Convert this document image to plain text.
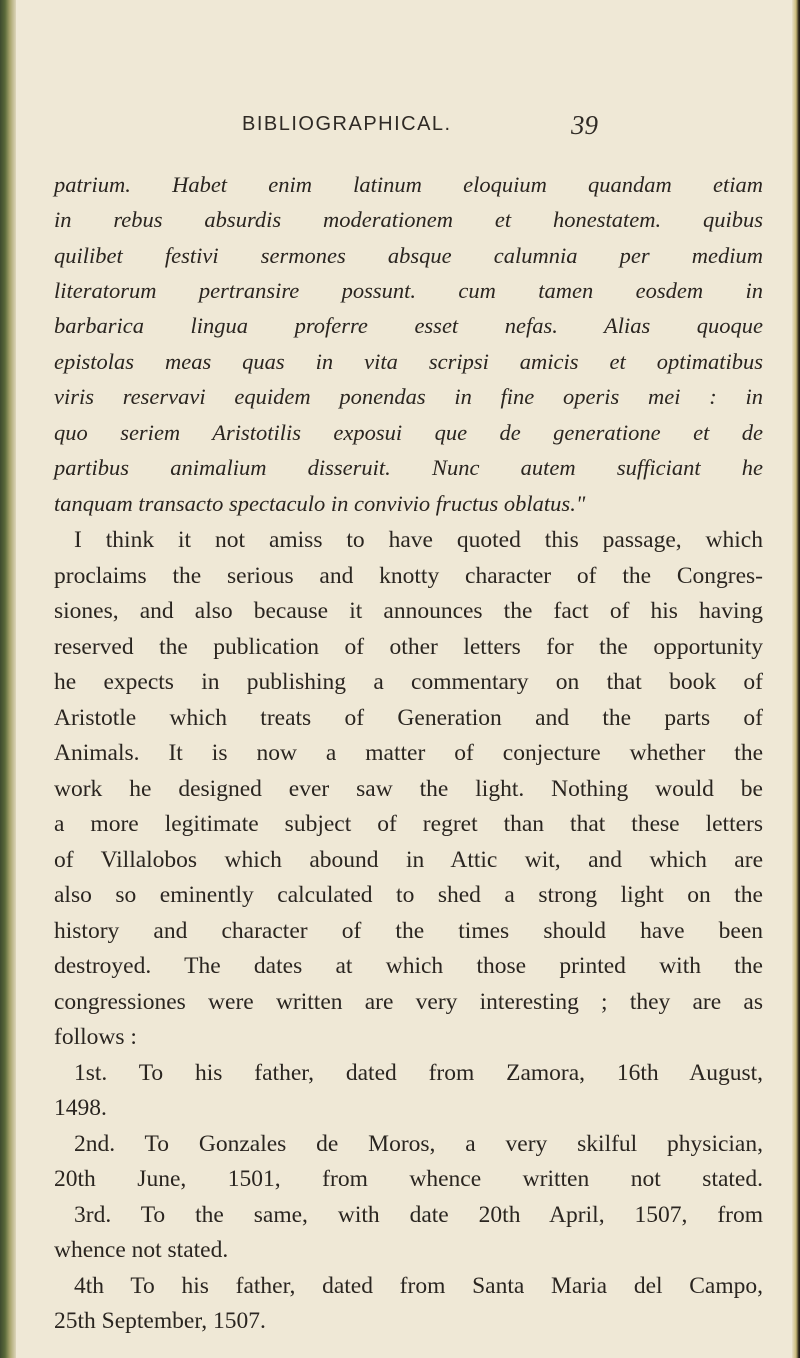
BIBLIOGRAPHICAL.	39
patrium. Habet enim latinum eloquium quandam etiam
in rebus absurdis moderationem et honestatem. quibus
quilibet festivi sermones absque calumnia per medium
literatorum pertransire possunt. cum tamen eosdem in
barbarica lingua proferre esset nefas. Alias quoque
epistolas meas quas in vita scripsi amicis et optimatibus
viris reservavi equidem ponendas in fine operis mei : in
quo seriem Aristotilis exposui que de generatione et de
partibus animalium disseruit. Nunc autem sufficiant he
tanquam transacto spectaculo in convivio fructus oblatus."
I think it not amiss to have quoted this passage, which
proclaims the serious and knotty character of the Congres-
siones, and also because it announces the fact of his having
reserved the publication of other letters for the opportunity
he expects in publishing a commentary on that book of
Aristotle which treats of Generation and the parts of
Animals. It is now a matter of conjecture whether the
work he designed ever saw the light. Nothing would be
a more legitimate subject of regret than that these letters
of Villalobos which abound in Attic wit, and which are
also so eminently calculated to shed a strong light on the
history and character of the times should have been
destroyed. The dates at which those printed with the
congressiones were written are very interesting ; they are as
follows :
1st. To his father, dated from Zamora, 16th August,
1498.
2nd. To Gonzales de Moros, a very skilful physician,
20th June, 1501, from whence written not stated.
3rd. To the same, with date 20th April, 1507, from
whence not stated.
4th To his father, dated from Santa Maria del Campo,
25th September, 1507.
